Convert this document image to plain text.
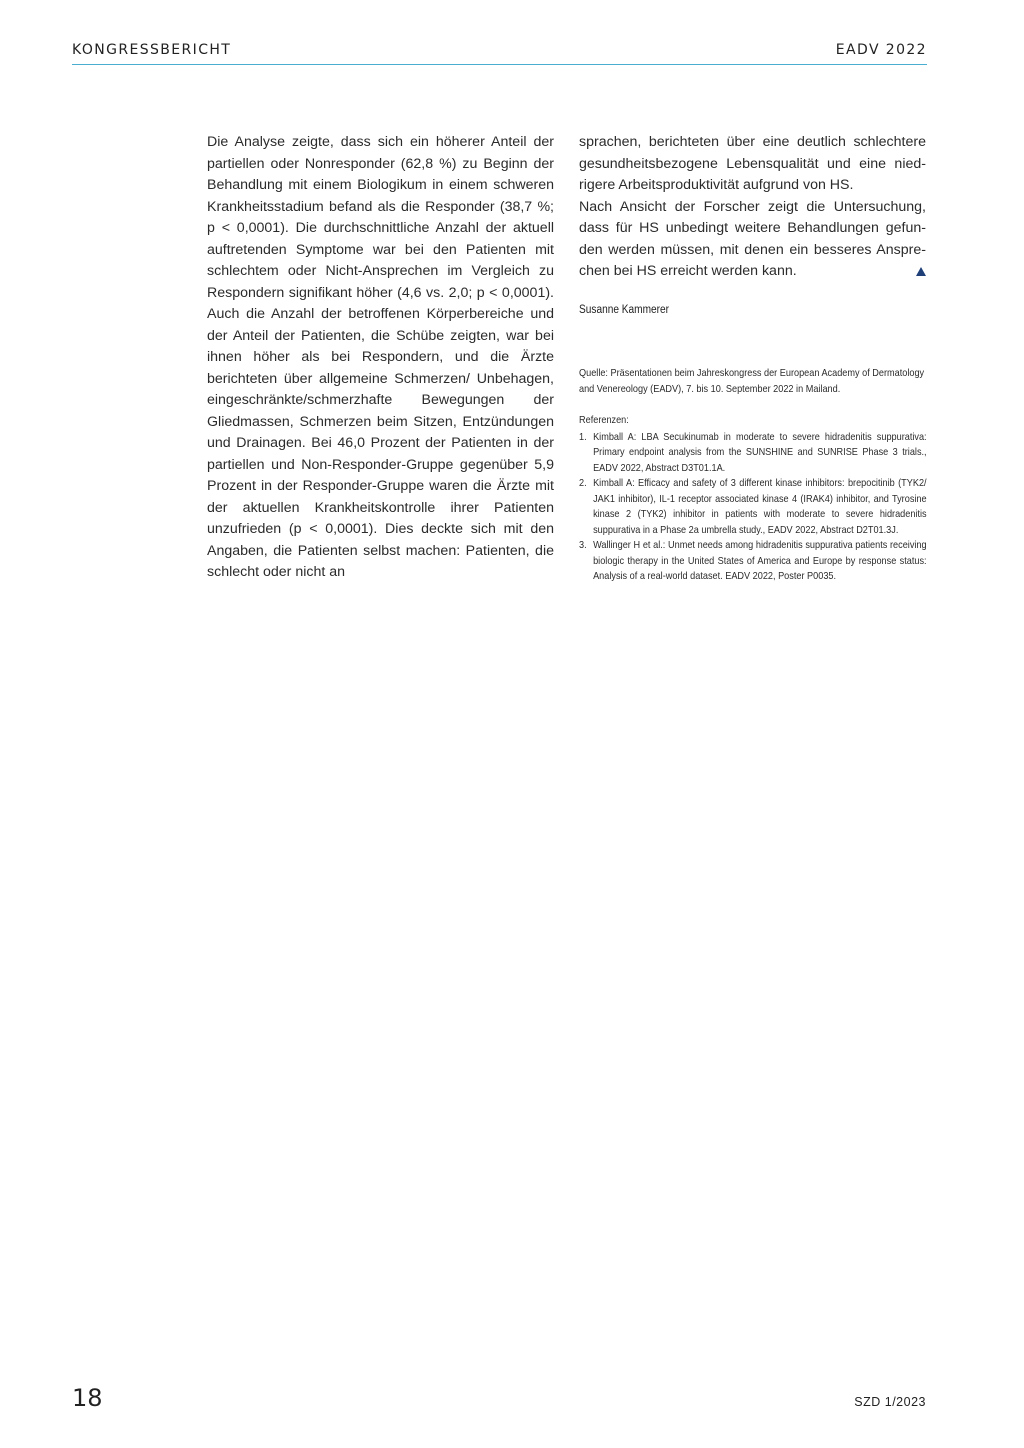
KONGRESSBERICHT	EADV 2022

Die Analyse zeigte, dass sich ein höherer Anteil der partiellen oder Nonresponder (62,8 %) zu Beginn der Behandlung mit einem Biologikum in einem schweren Krankheitsstadium befand als die Responder (38,7 %; p < 0,0001). Die durchschnittliche Anzahl der aktuell auftretenden Symptome war bei den Patienten mit schlechtem oder Nicht-Ansprechen im Vergleich zu Respondern signifikant höher (4,6 vs. 2,0; p < 0,0001). Auch die Anzahl der betroffenen Körperbereiche und der Anteil der Patienten, die Schübe zeigten, war bei ihnen höher als bei Respondern, und die Ärzte berichteten über allgemeine Schmerzen/ Unbehagen, eingeschränkte/schmerzhafte Bewegungen der Gliedmassen, Schmerzen beim Sitzen, Entzündungen und Drainagen. Bei 46,0 Prozent der Patienten in der partiellen und Non-Responder-Gruppe gegenüber 5,9 Prozent in der Responder-Gruppe waren die Ärzte mit der aktuellen Krankheitskontrolle ihrer Patienten unzufrieden (p < 0,0001). Dies deckte sich mit den Angaben, die Patienten selbst machen: Patienten, die schlecht oder nicht an

sprachen, berichteten über eine deutlich schlechtere gesundheitsbezogene Lebensqualität und eine niedrigere Arbeitsproduktivität aufgrund von HS.

Nach Ansicht der Forscher zeigt die Untersuchung, dass für HS unbedingt weitere Behandlungen gefunden werden müssen, mit denen ein besseres Ansprechen bei HS erreicht werden kann.

Susanne Kammerer
Quelle: Präsentationen beim Jahreskongress der European Academy of Dermatology and Venereology (EADV), 7. bis 10. September 2022 in Mailand.

Referenzen:

1. Kimball A: LBA Secukinumab in moderate to severe hidradenitis suppurativa: Primary endpoint analysis from the SUNSHINE and SUNRISE Phase 3 trials., EADV 2022, Abstract D3T01.1A.
2. Kimball A: Efficacy and safety of 3 different kinase inhibitors: brepocitinib (TYK2/ JAK1 inhibitor), IL-1 receptor associated kinase 4 (IRAK4) inhibitor, and Tyrosine kinase 2 (TYK2) inhibitor in patients with moderate to severe hidradenitis suppurativa in a Phase 2a umbrella study., EADV 2022, Abstract D2T01.3J.
3. Wallinger H et al.: Unmet needs among hidradenitis suppurativa patients receiving biologic therapy in the United States of America and Europe by response status: Analysis of a real-world dataset. EADV 2022, Poster P0035.
18	SZD 1/2023
